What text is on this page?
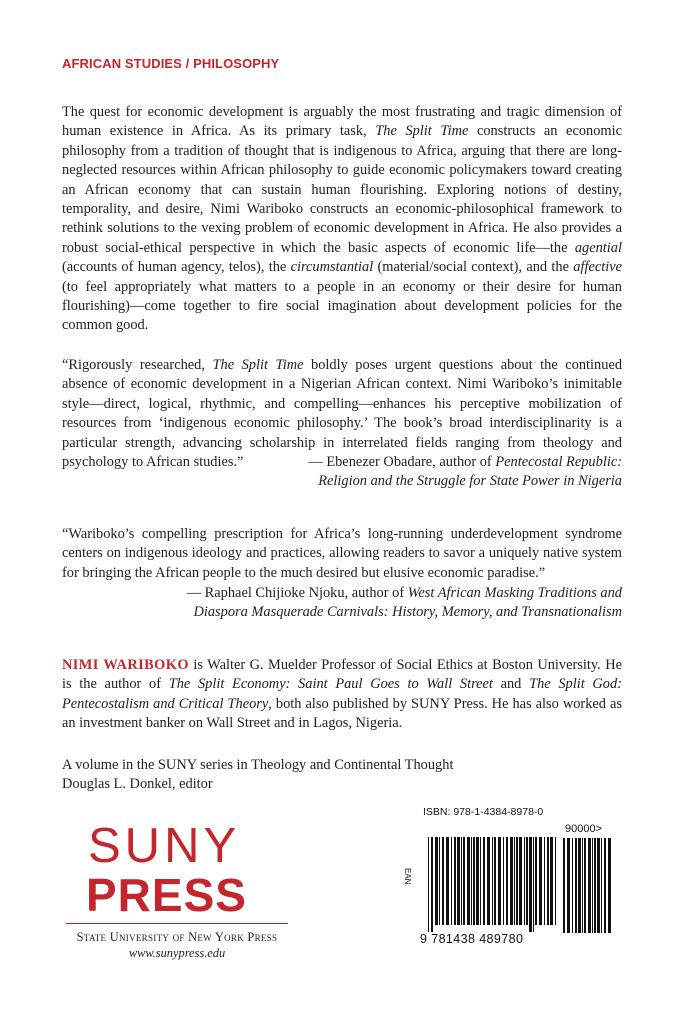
AFRICAN STUDIES / PHILOSOPHY

The quest for economic development is arguably the most frustrating and tragic dimension of human existence in Africa. As its primary task, The Split Time constructs an economic philosophy from a tradition of thought that is indigenous to Africa, arguing that there are long-neglected resources within African philosophy to guide economic policymakers toward creating an African economy that can sustain human flourishing. Exploring notions of destiny, temporality, and desire, Nimi Wariboko constructs an economic-philosophical framework to rethink solutions to the vexing problem of economic development in Africa. He also provides a robust social-ethical perspective in which the basic aspects of economic life—the agential (accounts of human agency, telos), the circumstantial (material/social context), and the affective (to feel appropriately what matters to a people in an economy or their desire for human flourishing)—come together to fire social imagination about development policies for the common good.

“Rigorously researched, The Split Time boldly poses urgent questions about the continued absence of economic development in a Nigerian African context. Nimi Wariboko’s inimitable style—direct, logical, rhythmic, and compelling—enhances his perceptive mobilization of resources from ‘indigenous economic philosophy.’ The book’s broad interdisciplinarity is a particular strength, advancing scholarship in interrelated fields ranging from theology and psychology to African studies.”	— Ebenezer Obadare, author of Pentecostal Republic:
Religion and the Struggle for State Power in Nigeria

“Wariboko’s compelling prescription for Africa’s long-running underdevelopment syndrome centers on indigenous ideology and practices, allowing readers to savor a uniquely native system for bringing the African people to the much desired but elusive economic paradise.”

— Raphael Chijioke Njoku, author of West African Masking Traditions and
Diaspora Masquerade Carnivals: History, Memory, and Transnationalism

NIMI WARIBOKO is Walter G. Muelder Professor of Social Ethics at Boston University. He is the author of The Split Economy: Saint Paul Goes to Wall Street and The Split God: Pentecostalism and Critical Theory, both also published by SUNY Press. He has also worked as an investment banker on Wall Street and in Lagos, Nigeria.

A volume in the SUNY series in Theology and Continental Thought
Douglas L. Donkel, editor

SUNY
PRESS
State University of New York Press
www.sunypress.edu
ISBN: 978-1-4384-8978-0
90000>
EAN
9 781438 489780
